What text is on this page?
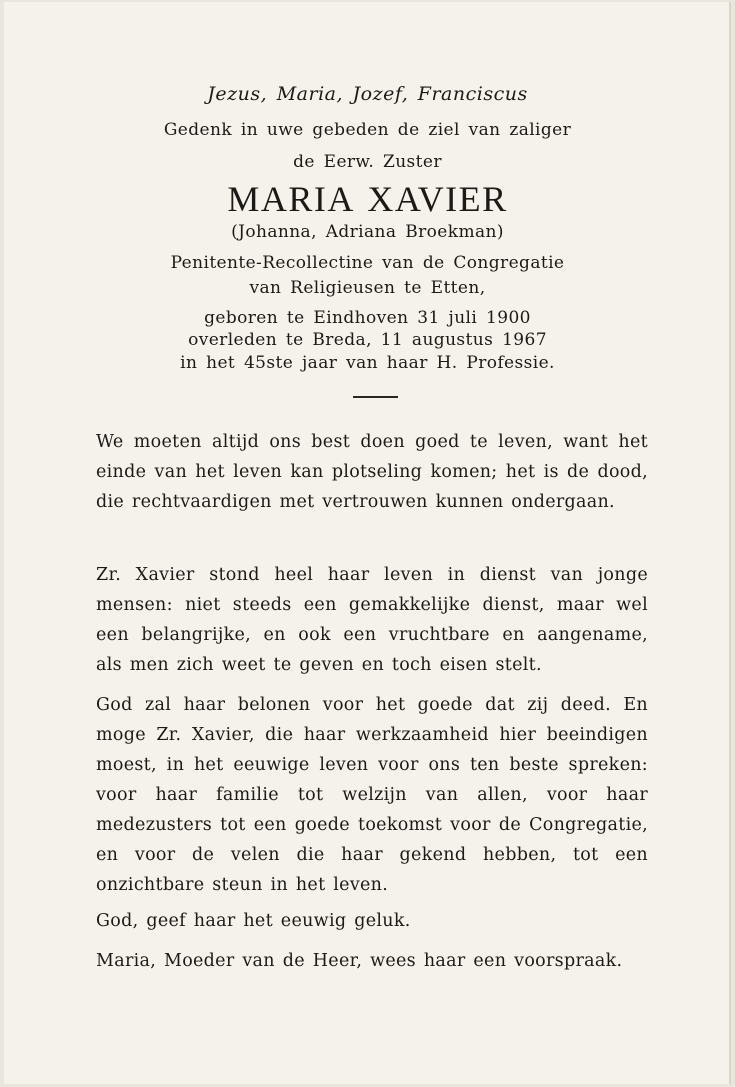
Jezus, Maria, Jozef, Franciscus
Gedenk in uwe gebeden de ziel van zaliger
de Eerw. Zuster
MARIA XAVIER
(Johanna, Adriana Broekman)
Penitente-Recollectine van de Congregatie
van Religieusen te Etten,
geboren te Eindhoven 31 juli 1900
overleden te Breda, 11 augustus 1967
in het 45ste jaar van haar H. Professie.

We moeten altijd ons best doen goed te leven, want het einde van het leven kan plotseling komen; het is de dood, die rechtvaardigen met vertrouwen kunnen ondergaan.

Zr. Xavier stond heel haar leven in dienst van jonge mensen: niet steeds een gemakkelijke dienst, maar wel een belangrijke, en ook een vruchtbare en aangename, als men zich weet te geven en toch eisen stelt.

God zal haar belonen voor het goede dat zij deed. En moge Zr. Xavier, die haar werkzaamheid hier beeindigen moest, in het eeuwige leven voor ons ten beste spreken: voor haar familie tot welzijn van allen, voor haar medezusters tot een goede toekomst voor de Congregatie, en voor de velen die haar gekend hebben, tot een onzichtbare steun in het leven.

God, geef haar het eeuwig geluk.

Maria, Moeder van de Heer, wees haar een voorspraak.
